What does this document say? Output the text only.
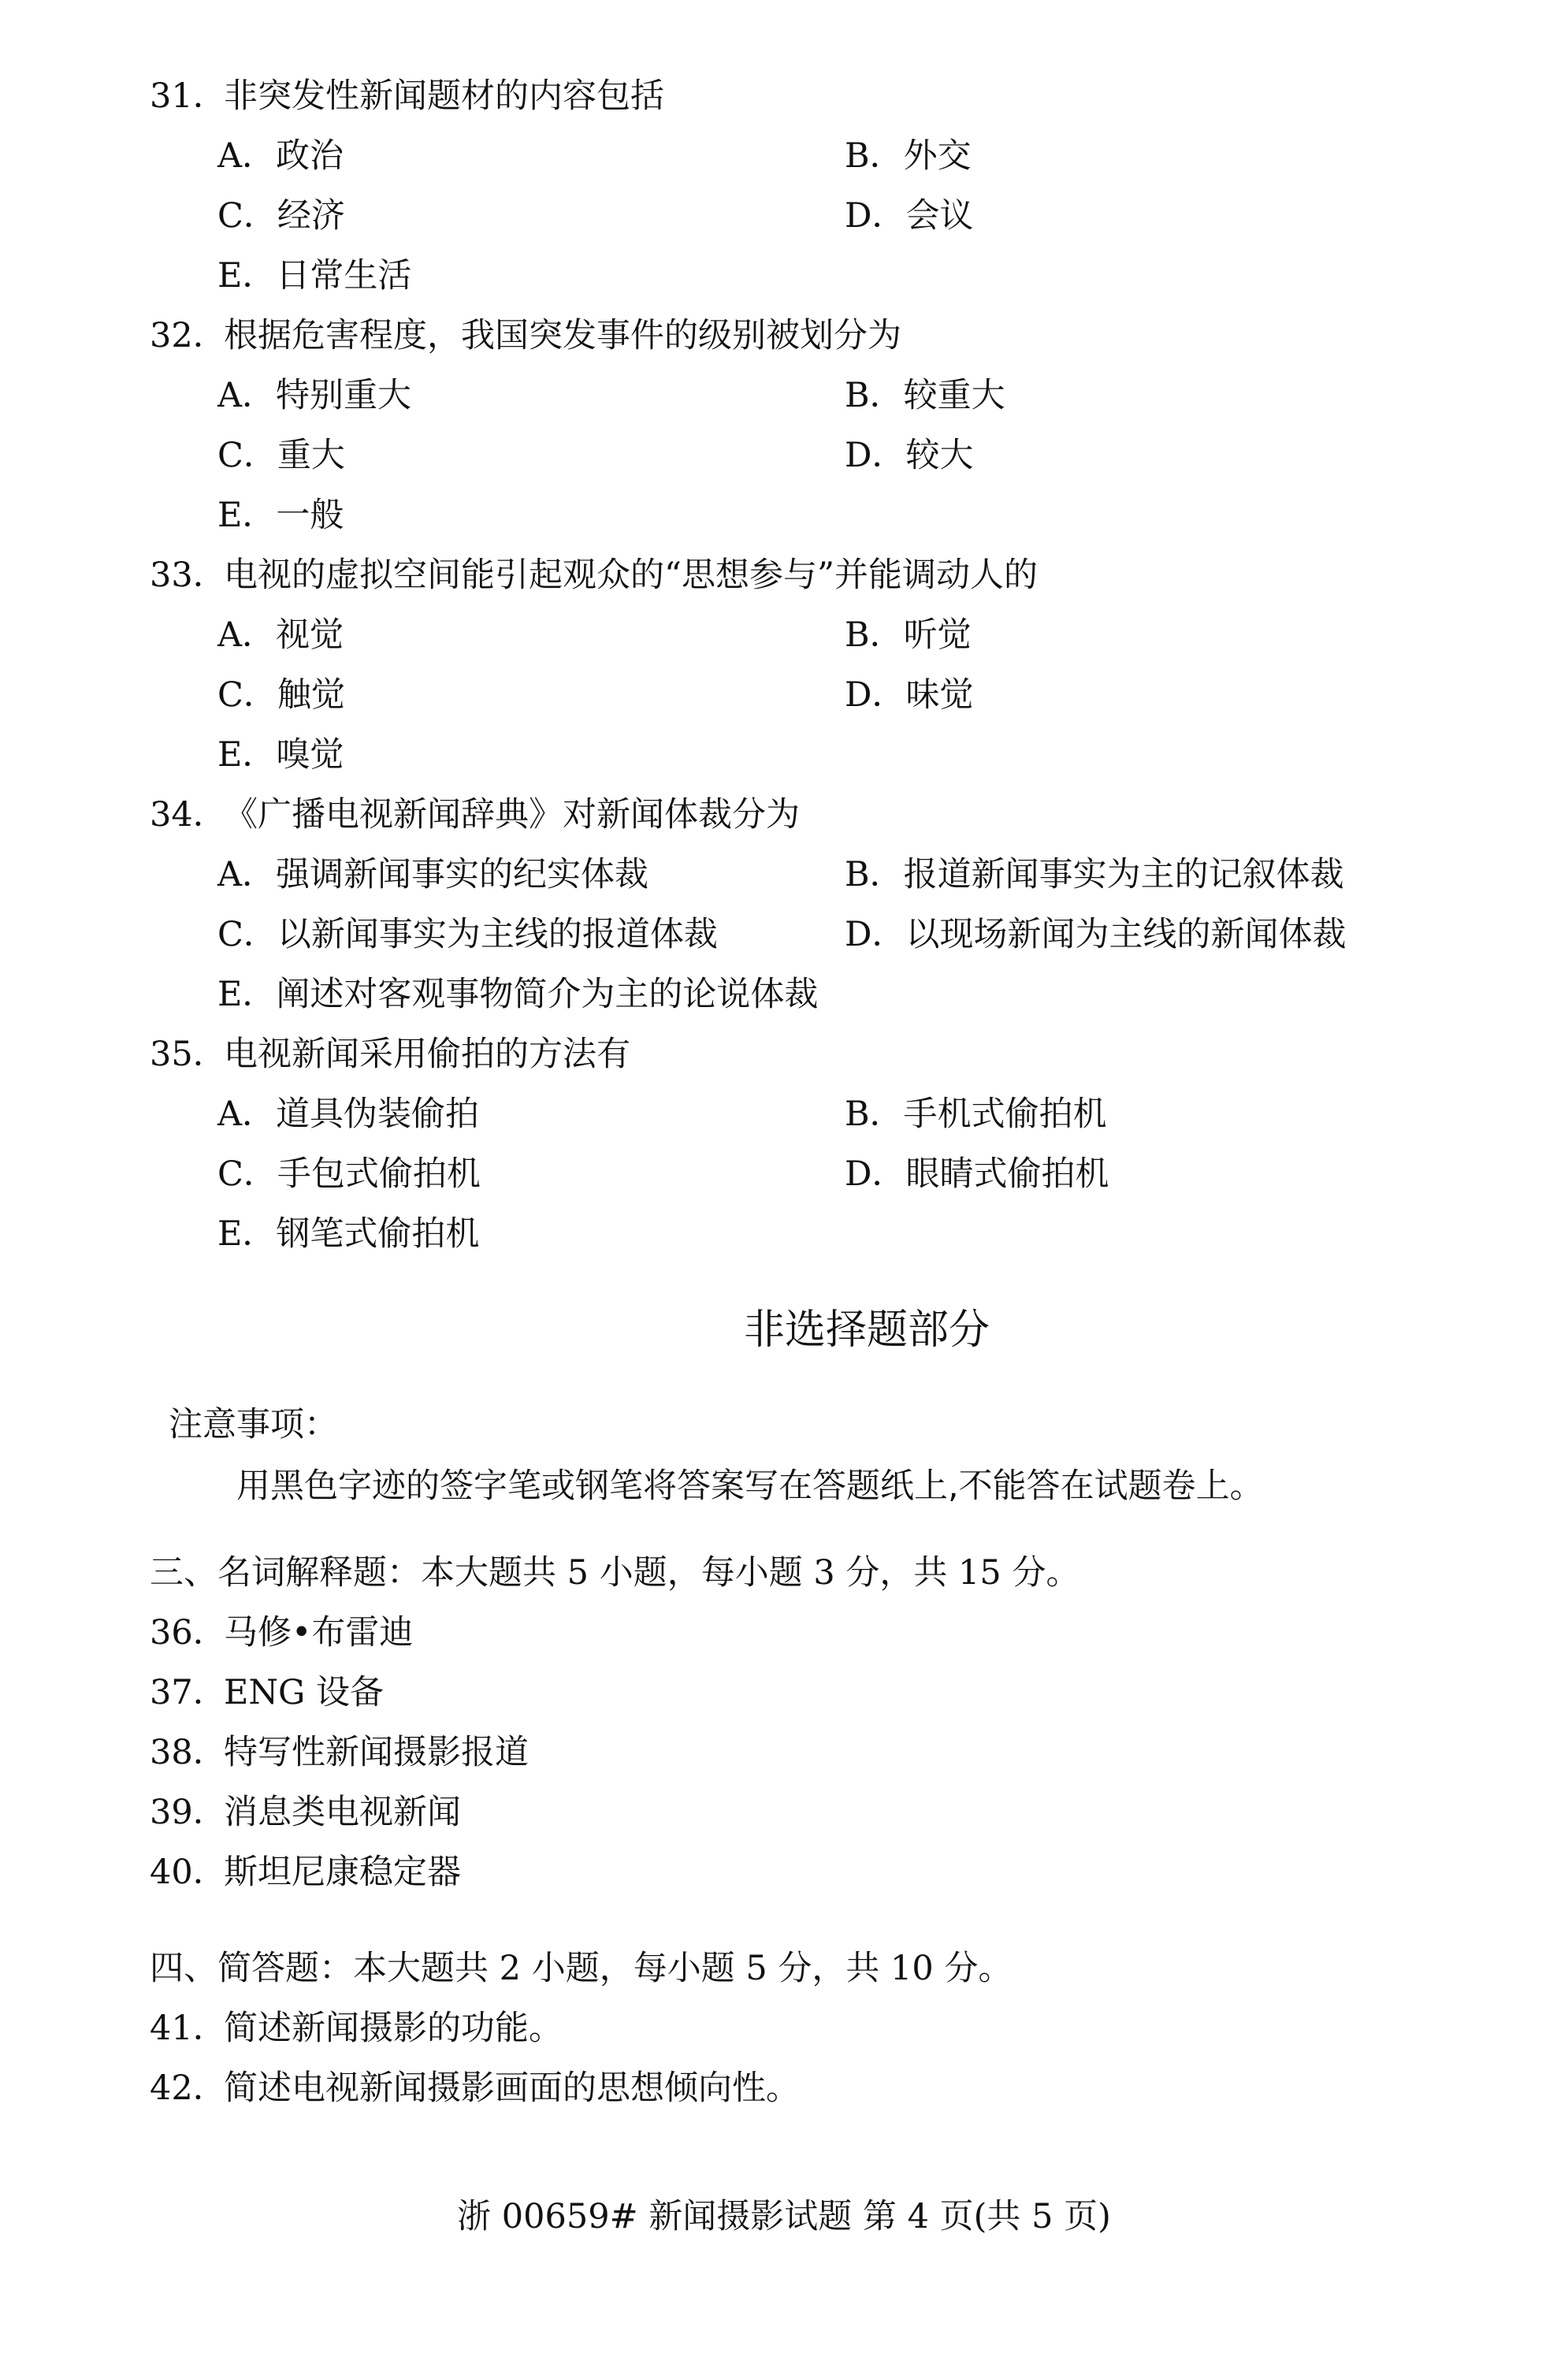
31．非突发性新闻题材的内容包括
A．政治	B．外交
C．经济	D．会议
E．日常生活
32．根据危害程度，我国突发事件的级别被划分为
A．特别重大	B．较重大
C．重大	D．较大
E．一般
33．电视的虚拟空间能引起观众的“思想参与”并能调动人的
A．视觉	B．听觉
C．触觉	D．味觉
E．嗅觉
34．《广播电视新闻辞典》对新闻体裁分为
A．强调新闻事实的纪实体裁	B．报道新闻事实为主的记叙体裁
C．以新闻事实为主线的报道体裁	D．以现场新闻为主线的新闻体裁
E．阐述对客观事物简介为主的论说体裁
35．电视新闻采用偷拍的方法有
A．道具伪装偷拍	B．手机式偷拍机
C．手包式偷拍机	D．眼睛式偷拍机
E．钢笔式偷拍机
非选择题部分
注意事项：
用黑色字迹的签字笔或钢笔将答案写在答题纸上,不能答在试题卷上。
三、名词解释题：本大题共 5 小题，每小题 3 分，共 15 分。
36．马修•布雷迪
37．ENG 设备
38．特写性新闻摄影报道
39．消息类电视新闻
40．斯坦尼康稳定器
四、简答题：本大题共 2 小题，每小题 5 分，共 10 分。
41．简述新闻摄影的功能。
42．简述电视新闻摄影画面的思想倾向性。
浙 00659# 新闻摄影试题 第 4 页(共 5 页)
